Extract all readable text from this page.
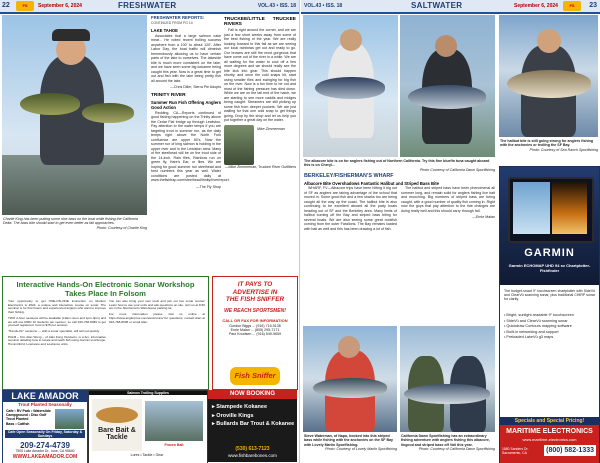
22	FS	September 6, 2024	FRESHWATER	VOL.43 • ISS. 18
Charlie King has been putting some nice bass on the boat while fishing the California Delta. The bass bite should start to get even better as fall approaches.
Photo: Courtesy of Charlie King
FRESHWATER REPORTS:
CONTINUED FROM PG 14
LAKE TAHOE

Associates that a large salmon cake meat... He noted recent trolling success anywhere from a 100’ to about 120’. After Labor Day, the boat traffic will diminish tremendously allowing us to have certain parts of the lake to ourselves. The lakeside bite is much more consistent on the lake, and we have seen some big kokanee being caught this year. Now is a great time to get out and fish with the lake being pretty fish all around the lake.

—Chris Diller, Sierra Pie Adopts

TRINITY RIVER
Summer Run Fish Offering Anglers Good Action

Redding, CA—Reports continued of good fishing happening on the Trinity above the Cedar Flat bridge up through Lewiston. Pay attention to the water temps if you are targeting trout in summer run, as the daily temps right above the North Fork confluence are upper 60’s. Now the summer run of king salmon is holding in the upper river and in the Lewiston area. Many of the steelhead will be on the trout side of the 14-inch. Rain flies, Rainbow run on green fly, Hare’s Ear, or flies. We are hoping for good summer run steelhead and best numbers this year as well. Water conditions are posted daily at www.thefishtrap.com/steelhead/trinity/river/report.

—The Fly Shop

TRUCKEE/LITTLE TRUCKEE RIVERS

Fall is right around the corner, and we are just a few short weeks away from some of the best fishing of the year. We are really looking forward to this fall as we are seeing our local rainbows get out and ready to go. Our browns are still the most gorgeous that have come out of the river in a while. We are all waiting for the water to cool off a few more degrees and we should really see the bite kick into gear. This should happen shortly, and once the cold snaps hit, start using smaller flies and swinging for big fish on the river. Now is a fun time to be out and most of the fishing pressure has died down. While we are on the tail end of the hatch, we are starting to see more caddis and midges being caught. Streamers are still picking up some fish from deeper pockets. We are just waiting for that one cold snap to get things going. Drop by the shop and let us help you put together a great day on the water.

Mike Zimmerman

—Mike Zimmerman, Truckee River Outfitters

Interactive Hands-On Electronic Sonar Workshop Takes Place In Folsom

Your opportunity to get ONE-ON-ONE instruction on Modern Electronics is 2024, a unique and interactive course on sonar. The seminar is for first timers and experienced anglers who want to improve their fishing.

TWO 2-hour sessions will be available (10am-noon and 1pm-3pm) and we will use RMD 10 students per session, so call 916-768-8936 to get yourself registered. Cost is $75 per session.

“Hands-On” sessions — with a sonar specialist, will sell out quickly.

PALM – Kim Alan Wong – of Alan Fong Outdoors, is a fun, informative seminar detailing how to locate and catch fish using Garmin LiveScope, Humminbird, Lowrance and Lowrance units.

You can also bring your own tools and join our live sonar course! Learn how to use your units and ask questions on-site. Join us at 8:30 am in the Sportsman’s Warehouse parking lot.

For more information please visit us online at https://www.anglerpros.com/electronics/ for questions, contact Alan at 916-768-8936 or email Alan.

LAKE AMADOR
Trout Planted Seasonally
Cafe • RV Park • Waterslide
Campground • Disc Golf
Trout Planted
Bass • Catfish
Cafe Open Seasonally On Friday, Saturday & Sundays
209-274-4739
7500 Lake Amador Dr., Ione, CA 95640
WWW.LAKEAMADOR.COM
Salmon Trolling Supplies
Bare Bait & Tackle
Frozen Bait
Lures • Tackle • Gear
NOW BOOKING
▸ Stampede Kokanee
▸ Oroville Kings
▸ Bullards Bar Trout & Kokanee
(530) 613-7123
www.fishbarebones.com
IT PAYS TO
ADVERTISE IN
THE FISH SNIFFER
WE REACH SPORTSMEN!
CALL OR FAX FOR INFORMATION
Gordon Biggs ... (916) 716-9136
Ernie Malan ... (805) 295-7171
Paul Knudsen ... (916) 549-9659
Fish Sniffer
VOL.43 • ISS. 18	SALTWATER	September 6, 2024	FS	23
The albacore bite is on for anglers fishing out of Northern California. Try this fine bluefin tuna caught aboard this is on Cheryl...
Photo Courtesy of California Dawn Sportfishing
The halibut bite is still going strong for anglers fishing with the anchovies or trolling the SF Bay.
Photo: Courtesy of Sea Ranch Sportfishing
BERKELEY/FISHERMAN’S WHARF
Albacore Bite Overshadows Fantastic Halibut and Striped Bass Bite

WHARF, FV—Albacore trips have been hitting it big out of SF as anglers are taking advantage of the school that moved in. Some good fish and a few sharks too are being caught all the way up the coast. The halibut bite is also continuing to be excellent aboard all the party boats heading out of SF and the Berkeley area. Many limits of halibut coming off the Bay and striped bass biting for several boats. We are also seeing some great rockfish coming from the outer Farallons. The Bay remains loaded with bait as well and this has been drawing a lot of fish.

The halibut and striped bass have been phenomenal all summer long, and remain solid for anglers fishing live bait and mooching. Big numbers of striped bass are being caught, with a good number of quality fish coming in. Right now the guys that pay attention to the tide changes are doing really well and this should carry through fall.

—Emie Malan

Steve Waterman, of Napa, hooked into this striped bass while fishing with the anchovies on the SF Bay with Lovely Marlin Sportfishing.
Photo: Courtesy of Lovely Marlin Sportfishing
California Dawn Sportfishing has an extraordinary fishing adventure with anglers fishing this albacore, lingcod and striped bass off Vail this year.
Photo: Courtesy of California Dawn Sportfishing
GARMIN
Garmin ECHOMAP UHD 94 sv Chartplotter-Fishfinder
The budget-smart 9" touchscreen chartplotter with SideVü and ClearVü scanning sonar, plus traditional CHIRP sonar for clarity.
• Bright, sunlight-readable 9" touchscreen
• SideVü and ClearVü scanning sonar
• Quickdraw Contours mapping software
• Built-in networking and support
• Preloaded LakeVü g3 maps
Specials and Special Pricing!
MARITIME ELECTRONICS
www.maritime-electronics.com
1880 Sanders Dr, Sacramento, CA	(800) 582-1333
